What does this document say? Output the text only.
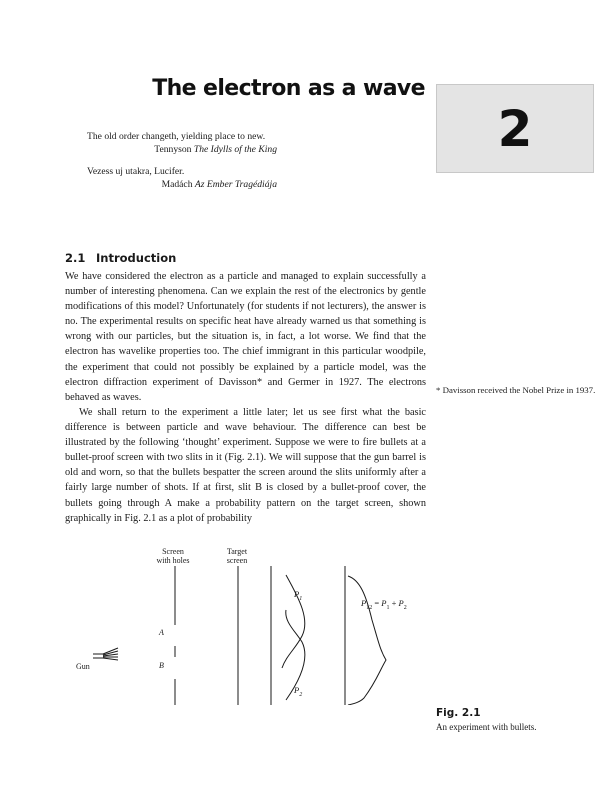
The electron as a wave
2
The old order changeth, yielding place to new.
Tennyson The Idylls of the King
Vezess uj utakra, Lucifer.
Madách Az Ember Tragédiája
2.1 Introduction

We have considered the electron as a particle and managed to explain successfully a number of interesting phenomena. Can we explain the rest of the electronics by gentle modifications of this model? Unfortunately (for students if not lecturers), the answer is no. The experimental results on specific heat have already warned us that something is wrong with our particles, but the situation is, in fact, a lot worse. We find that the electron has wavelike properties too. The chief immigrant in this particular woodpile, the experiment that could not possibly be explained by a particle model, was the electron diffraction experiment of Davisson* and Germer in 1927. The electrons behaved as waves.

We shall return to the experiment a little later; let us see first what the basic difference is between particle and wave behaviour. The difference can best be illustrated by the following ‘thought’ experiment. Suppose we were to fire bullets at a bullet-proof screen with two slits in it (Fig. 2.1). We will suppose that the gun barrel is old and worn, so that the bullets bespatter the screen around the slits uniformly after a fairly large number of shots. If at first, slit B is closed by a bullet-proof cover, the bullets going through A make a probability pattern on the target screen, shown graphically in Fig. 2.1 as a plot of probability

* Davisson received the Nobel Prize in 1937.

Screen
with holes
Target
screen
A
B
Gun
$P_1$
$P_2$
$P_{12} = P_1 + P_2$
Fig. 2.1
An experiment with bullets.
